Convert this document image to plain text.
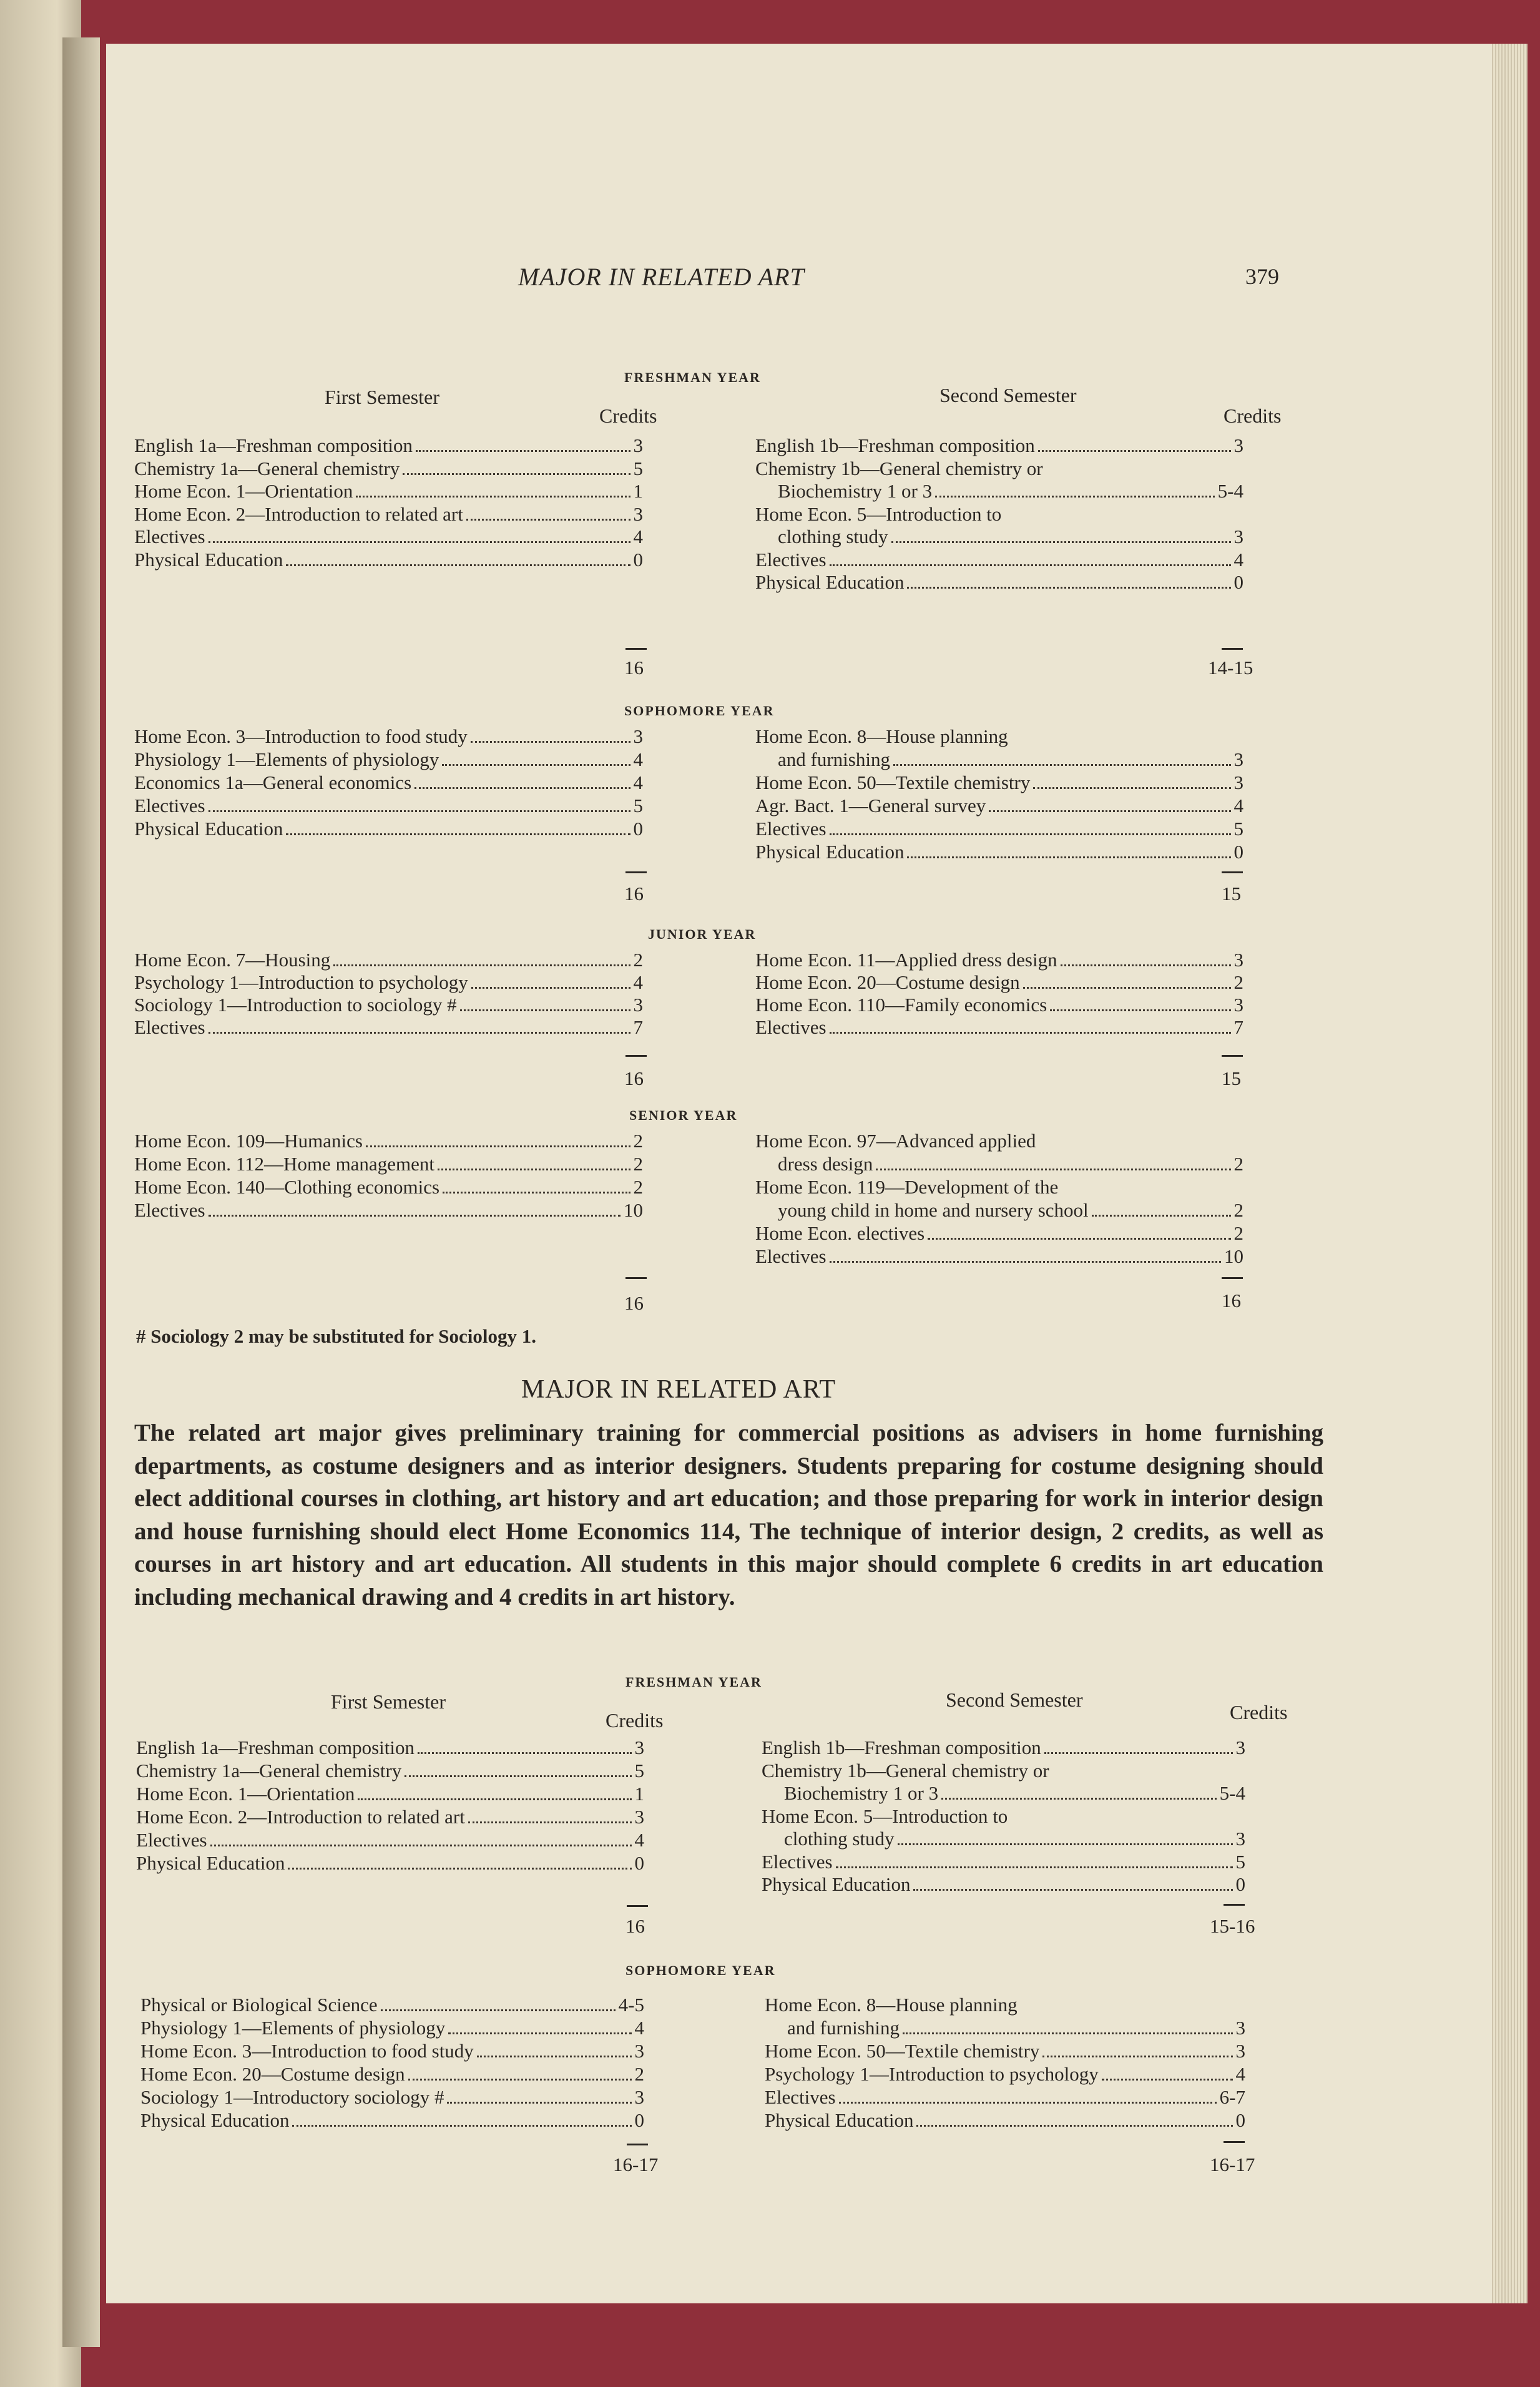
MAJOR IN RELATED ART	379
FRESHMAN YEAR
First Semester	Second Semester
Credits	Credits
English 1a—Freshman composition	3
Chemistry 1a—General chemistry	5
Home Econ. 1—Orientation	1
Home Econ. 2—Introduction to related art	3
Electives	4
Physical Education	0
English 1b—Freshman composition	3
Chemistry 1b—General chemistry or
Biochemistry 1 or 3	5-4
Home Econ. 5—Introduction to
clothing study	3
Electives	4
Physical Education	0
16	14-15
SOPHOMORE YEAR
Home Econ. 3—Introduction to food study	3
Physiology 1—Elements of physiology	4
Economics 1a—General economics	4
Electives	5
Physical Education	0
Home Econ. 8—House planning
and furnishing	3
Home Econ. 50—Textile chemistry	3
Agr. Bact. 1—General survey	4
Electives	5
Physical Education	0
16	15
JUNIOR YEAR
Home Econ. 7—Housing	2
Psychology 1—Introduction to psychology	4
Sociology 1—Introduction to sociology #	3
Electives	7
Home Econ. 11—Applied dress design	3
Home Econ. 20—Costume design	2
Home Econ. 110—Family economics	3
Electives	7
16	15
SENIOR YEAR
Home Econ. 109—Humanics	2
Home Econ. 112—Home management	2
Home Econ. 140—Clothing economics	2
Electives	10
Home Econ. 97—Advanced applied
dress design	2
Home Econ. 119—Development of the
young child in home and nursery school	2
Home Econ. electives	2
Electives	10
16	16
# Sociology 2 may be substituted for Sociology 1.
MAJOR IN RELATED ART
The related art major gives preliminary training for commercial positions as advisers in home furnishing departments, as costume designers and as interior designers. Students preparing for costume designing should elect additional courses in clothing, art history and art education; and those preparing for work in interior design and house furnishing should elect Home Economics 114, The technique of interior design, 2 credits, as well as courses in art history and art education. All students in this major should complete 6 credits in art education including mechanical drawing and 4 credits in art history.
FRESHMAN YEAR
First Semester	Second Semester
Credits	Credits
English 1a—Freshman composition	3
Chemistry 1a—General chemistry	5
Home Econ. 1—Orientation	1
Home Econ. 2—Introduction to related art	3
Electives	4
Physical Education	0
English 1b—Freshman composition	3
Chemistry 1b—General chemistry or
Biochemistry 1 or 3	5-4
Home Econ. 5—Introduction to
clothing study	3
Electives	5
Physical Education	0
16	15-16
SOPHOMORE YEAR
Physical or Biological Science	4-5
Physiology 1—Elements of physiology	4
Home Econ. 3—Introduction to food study	3
Home Econ. 20—Costume design	2
Sociology 1—Introductory sociology #	3
Physical Education	0
Home Econ. 8—House planning
and furnishing	3
Home Econ. 50—Textile chemistry	3
Psychology 1—Introduction to psychology	4
Electives	6-7
Physical Education	0
16-17	16-17
